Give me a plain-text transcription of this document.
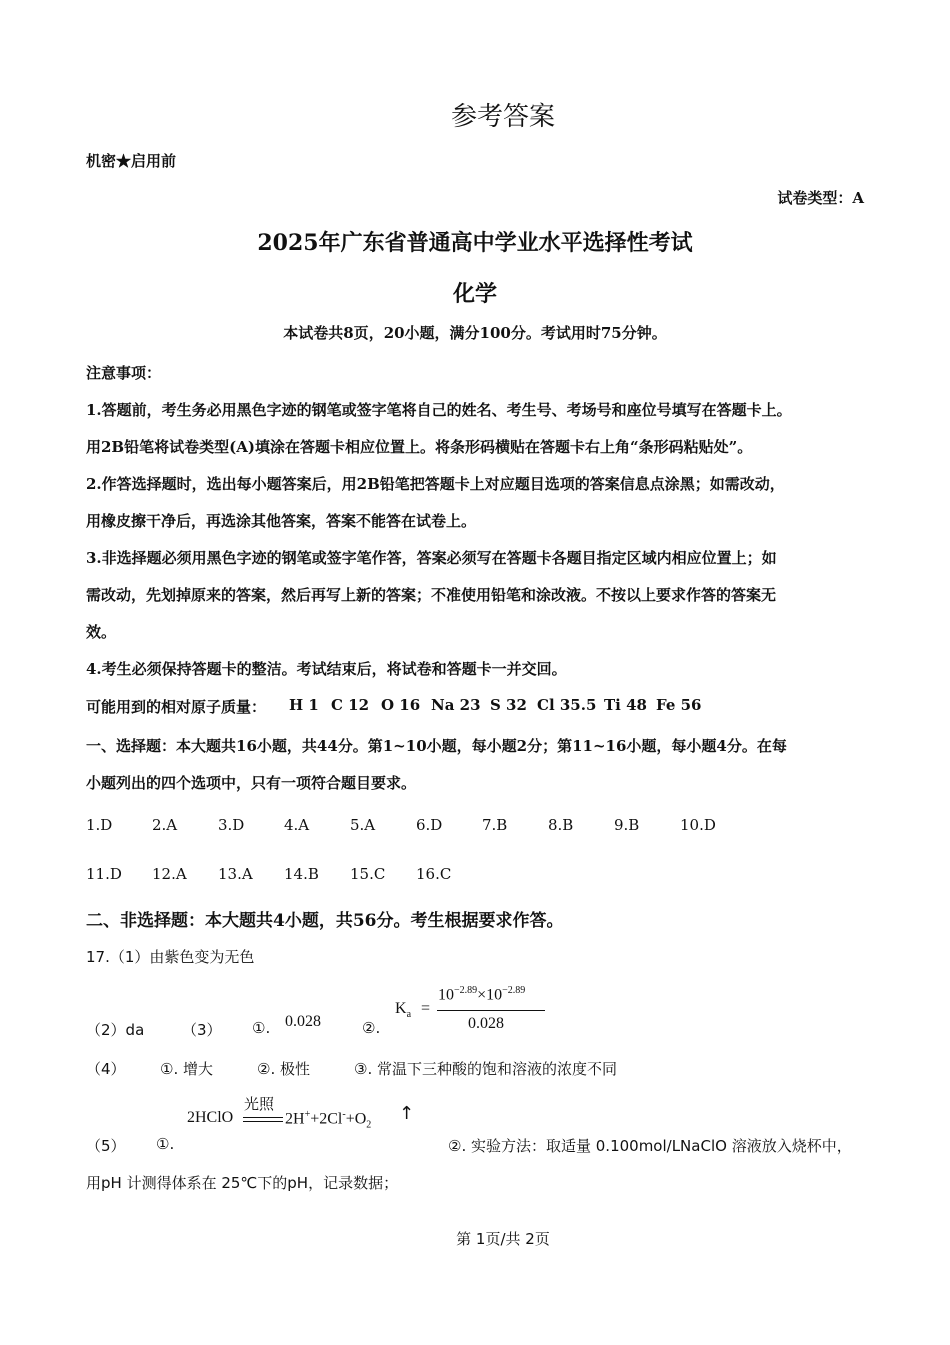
参考答案
机密★启用前
试卷类型：A
2025年广东省普通高中学业水平选择性考试
化学
本试卷共8页，20小题，满分100分。考试用时75分钟。
注意事项：
1.答题前，考生务必用黑色字迹的钢笔或签字笔将自己的姓名、考生号、考场号和座位号填写在答题卡上。
用2B铅笔将试卷类型(A)填涂在答题卡相应位置上。将条形码横贴在答题卡右上角“条形码粘贴处”。
2.作答选择题时，选出每小题答案后，用2B铅笔把答题卡上对应题目选项的答案信息点涂黑；如需改动，
用橡皮擦干净后，再选涂其他答案，答案不能答在试卷上。
3.非选择题必须用黑色字迹的钢笔或签字笔作答，答案必须写在答题卡各题目指定区域内相应位置上；如
需改动，先划掉原来的答案，然后再写上新的答案；不准使用铅笔和涂改液。不按以上要求作答的答案无
效。
4.考生必须保持答题卡的整洁。考试结束后，将试卷和答题卡一并交回。
可能用到的相对原子质量： H 1 C 12 O 16 Na 23 S 32 Cl 35.5 Ti 48 Fe 56
一、选择题：本大题共16小题，共44分。第1~10小题，每小题2分；第11~16小题，每小题4分。在每
小题列出的四个选项中，只有一项符合题目要求。
1.D	2.A	3.D	4.A	5.A	6.D	7.B	8.B	9.B	10.D
11.D 12.A 13.A 14.B 15.C 16.C
二、非选择题：本大题共4小题，共56分。考生根据要求作答。
17.（1）由紫色变为无色
（2）da	（3） ①. 0.028	②.
$K_a$ =
$10^{-2.89}\times 10^{-2.89}$
0.028
（4） ①. 增大	②. 极性	③. 常温下三种酸的饱和溶液的浓度不同
（5） ①.
2HClO
光照
$2H^++2Cl^-+O_2$
↑
②. 实验方法：取适量 0.100mol/LNaClO 溶液放入烧杯中，
用pH 计测得体系在 25℃下的pH，记录数据；
第 1页/共 2页
